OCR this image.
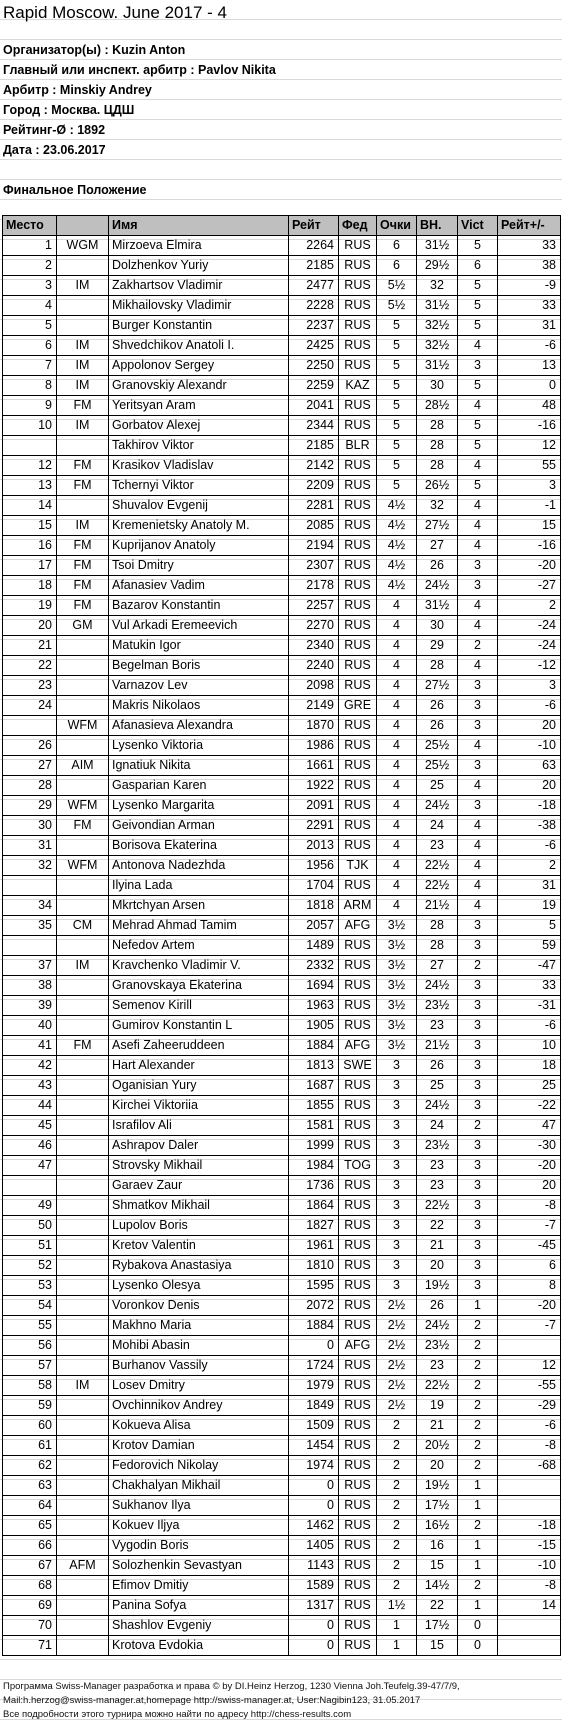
Rapid Moscow. June 2017 - 4
Организатор(ы) : Kuzin Anton
Главный или инспект. арбитр : Pavlov Nikita
Арбитр : Minskiy Andrey
Город : Москва. ЦДШ
Рейтинг-Ø : 1892
Дата : 23.06.2017
Финальное Положение
Место		Имя	Рейт	Фед	Очки	ВН.	Vict	Рейт+/-
1	WGM	Mirzoeva Elmira	2264	RUS	6	31½	5	33
2		Dolzhenkov Yuriy	2185	RUS	6	29½	6	38
3	IM	Zakhartsov Vladimir	2477	RUS	5½	32	5	-9
4		Mikhailovsky Vladimir	2228	RUS	5½	31½	5	33
5		Burger Konstantin	2237	RUS	5	32½	5	31
6	IM	Shvedchikov Anatoli I.	2425	RUS	5	32½	4	-6
7	IM	Appolonov Sergey	2250	RUS	5	31½	3	13
8	IM	Granovskiy Alexandr	2259	KAZ	5	30	5	0
9	FM	Yeritsyan Aram	2041	RUS	5	28½	4	48
10	IM	Gorbatov Alexej	2344	RUS	5	28	5	-16
		Takhirov Viktor	2185	BLR	5	28	5	12
12	FM	Krasikov Vladislav	2142	RUS	5	28	4	55
13	FM	Tchernyi Viktor	2209	RUS	5	26½	5	3
14		Shuvalov Evgenij	2281	RUS	4½	32	4	-1
15	IM	Kremenietsky Anatoly M.	2085	RUS	4½	27½	4	15
16	FM	Kuprijanov Anatoly	2194	RUS	4½	27	4	-16
17	FM	Tsoi Dmitry	2307	RUS	4½	26	3	-20
18	FM	Afanasiev Vadim	2178	RUS	4½	24½	3	-27
19	FM	Bazarov Konstantin	2257	RUS	4	31½	4	2
20	GM	Vul Arkadi Eremeevich	2270	RUS	4	30	4	-24
21		Matukin Igor	2340	RUS	4	29	2	-24
22		Begelman Boris	2240	RUS	4	28	4	-12
23		Varnazov Lev	2098	RUS	4	27½	3	3
24		Makris Nikolaos	2149	GRE	4	26	3	-6
	WFM	Afanasieva Alexandra	1870	RUS	4	26	3	20
26		Lysenko Viktoria	1986	RUS	4	25½	4	-10
27	AIM	Ignatiuk Nikita	1661	RUS	4	25½	3	63
28		Gasparian Karen	1922	RUS	4	25	4	20
29	WFM	Lysenko Margarita	2091	RUS	4	24½	3	-18
30	FM	Geivondian Arman	2291	RUS	4	24	4	-38
31		Borisova Ekaterina	2013	RUS	4	23	4	-6
32	WFM	Antonova Nadezhda	1956	TJK	4	22½	4	2
		Ilyina Lada	1704	RUS	4	22½	4	31
34		Mkrtchyan Arsen	1818	ARM	4	21½	4	19
35	CM	Mehrad Ahmad Tamim	2057	AFG	3½	28	3	5
		Nefedov Artem	1489	RUS	3½	28	3	59
37	IM	Kravchenko Vladimir V.	2332	RUS	3½	27	2	-47
38		Granovskaya Ekaterina	1694	RUS	3½	24½	3	33
39		Semenov Kirill	1963	RUS	3½	23½	3	-31
40		Gumirov Konstantin L	1905	RUS	3½	23	3	-6
41	FM	Asefi Zaheeruddeen	1884	AFG	3½	21½	3	10
42		Hart Alexander	1813	SWE	3	26	3	18
43		Oganisian Yury	1687	RUS	3	25	3	25
44		Kirchei Viktoriia	1855	RUS	3	24½	3	-22
45		Israfilov Ali	1581	RUS	3	24	2	47
46		Ashrapov Daler	1999	RUS	3	23½	3	-30
47		Strovsky Mikhail	1984	TOG	3	23	3	-20
		Garaev Zaur	1736	RUS	3	23	3	20
49		Shmatkov Mikhail	1864	RUS	3	22½	3	-8
50		Lupolov Boris	1827	RUS	3	22	3	-7
51		Kretov Valentin	1961	RUS	3	21	3	-45
52		Rybakova Anastasiya	1810	RUS	3	20	3	6
53		Lysenko Olesya	1595	RUS	3	19½	3	8
54		Voronkov Denis	2072	RUS	2½	26	1	-20
55		Makhno Maria	1884	RUS	2½	24½	2	-7
56		Mohibi Abasin	0	AFG	2½	23½	2	
57		Burhanov Vassily	1724	RUS	2½	23	2	12
58	IM	Losev Dmitry	1979	RUS	2½	22½	2	-55
59		Ovchinnikov Andrey	1849	RUS	2½	19	2	-29
60		Kokueva Alisa	1509	RUS	2	21	2	-6
61		Krotov Damian	1454	RUS	2	20½	2	-8
62		Fedorovich Nikolay	1974	RUS	2	20	2	-68
63		Chakhalyan Mikhail	0	RUS	2	19½	1	
64		Sukhanov Ilya	0	RUS	2	17½	1	
65		Kokuev Iljya	1462	RUS	2	16½	2	-18
66		Vygodin Boris	1405	RUS	2	16	1	-15
67	AFM	Solozhenkin Sevastyan	1143	RUS	2	15	1	-10
68		Efimov Dmitiy	1589	RUS	2	14½	2	-8
69		Panina Sofya	1317	RUS	1½	22	1	14
70		Shashlov Evgeniy	0	RUS	1	17½	0	
71		Krotova Evdokia	0	RUS	1	15	0	
Программа Swiss-Manager разработка и права © by DI.Heinz Herzog, 1230 Vienna Joh.Teufelg.39-47/7/9,
Mail:h.herzog@swiss-manager.at,homepage http://swiss-manager.at, User:Nagibin123, 31.05.2017
Все подробности этого турнира можно найти по адресу http://chess-results.com
